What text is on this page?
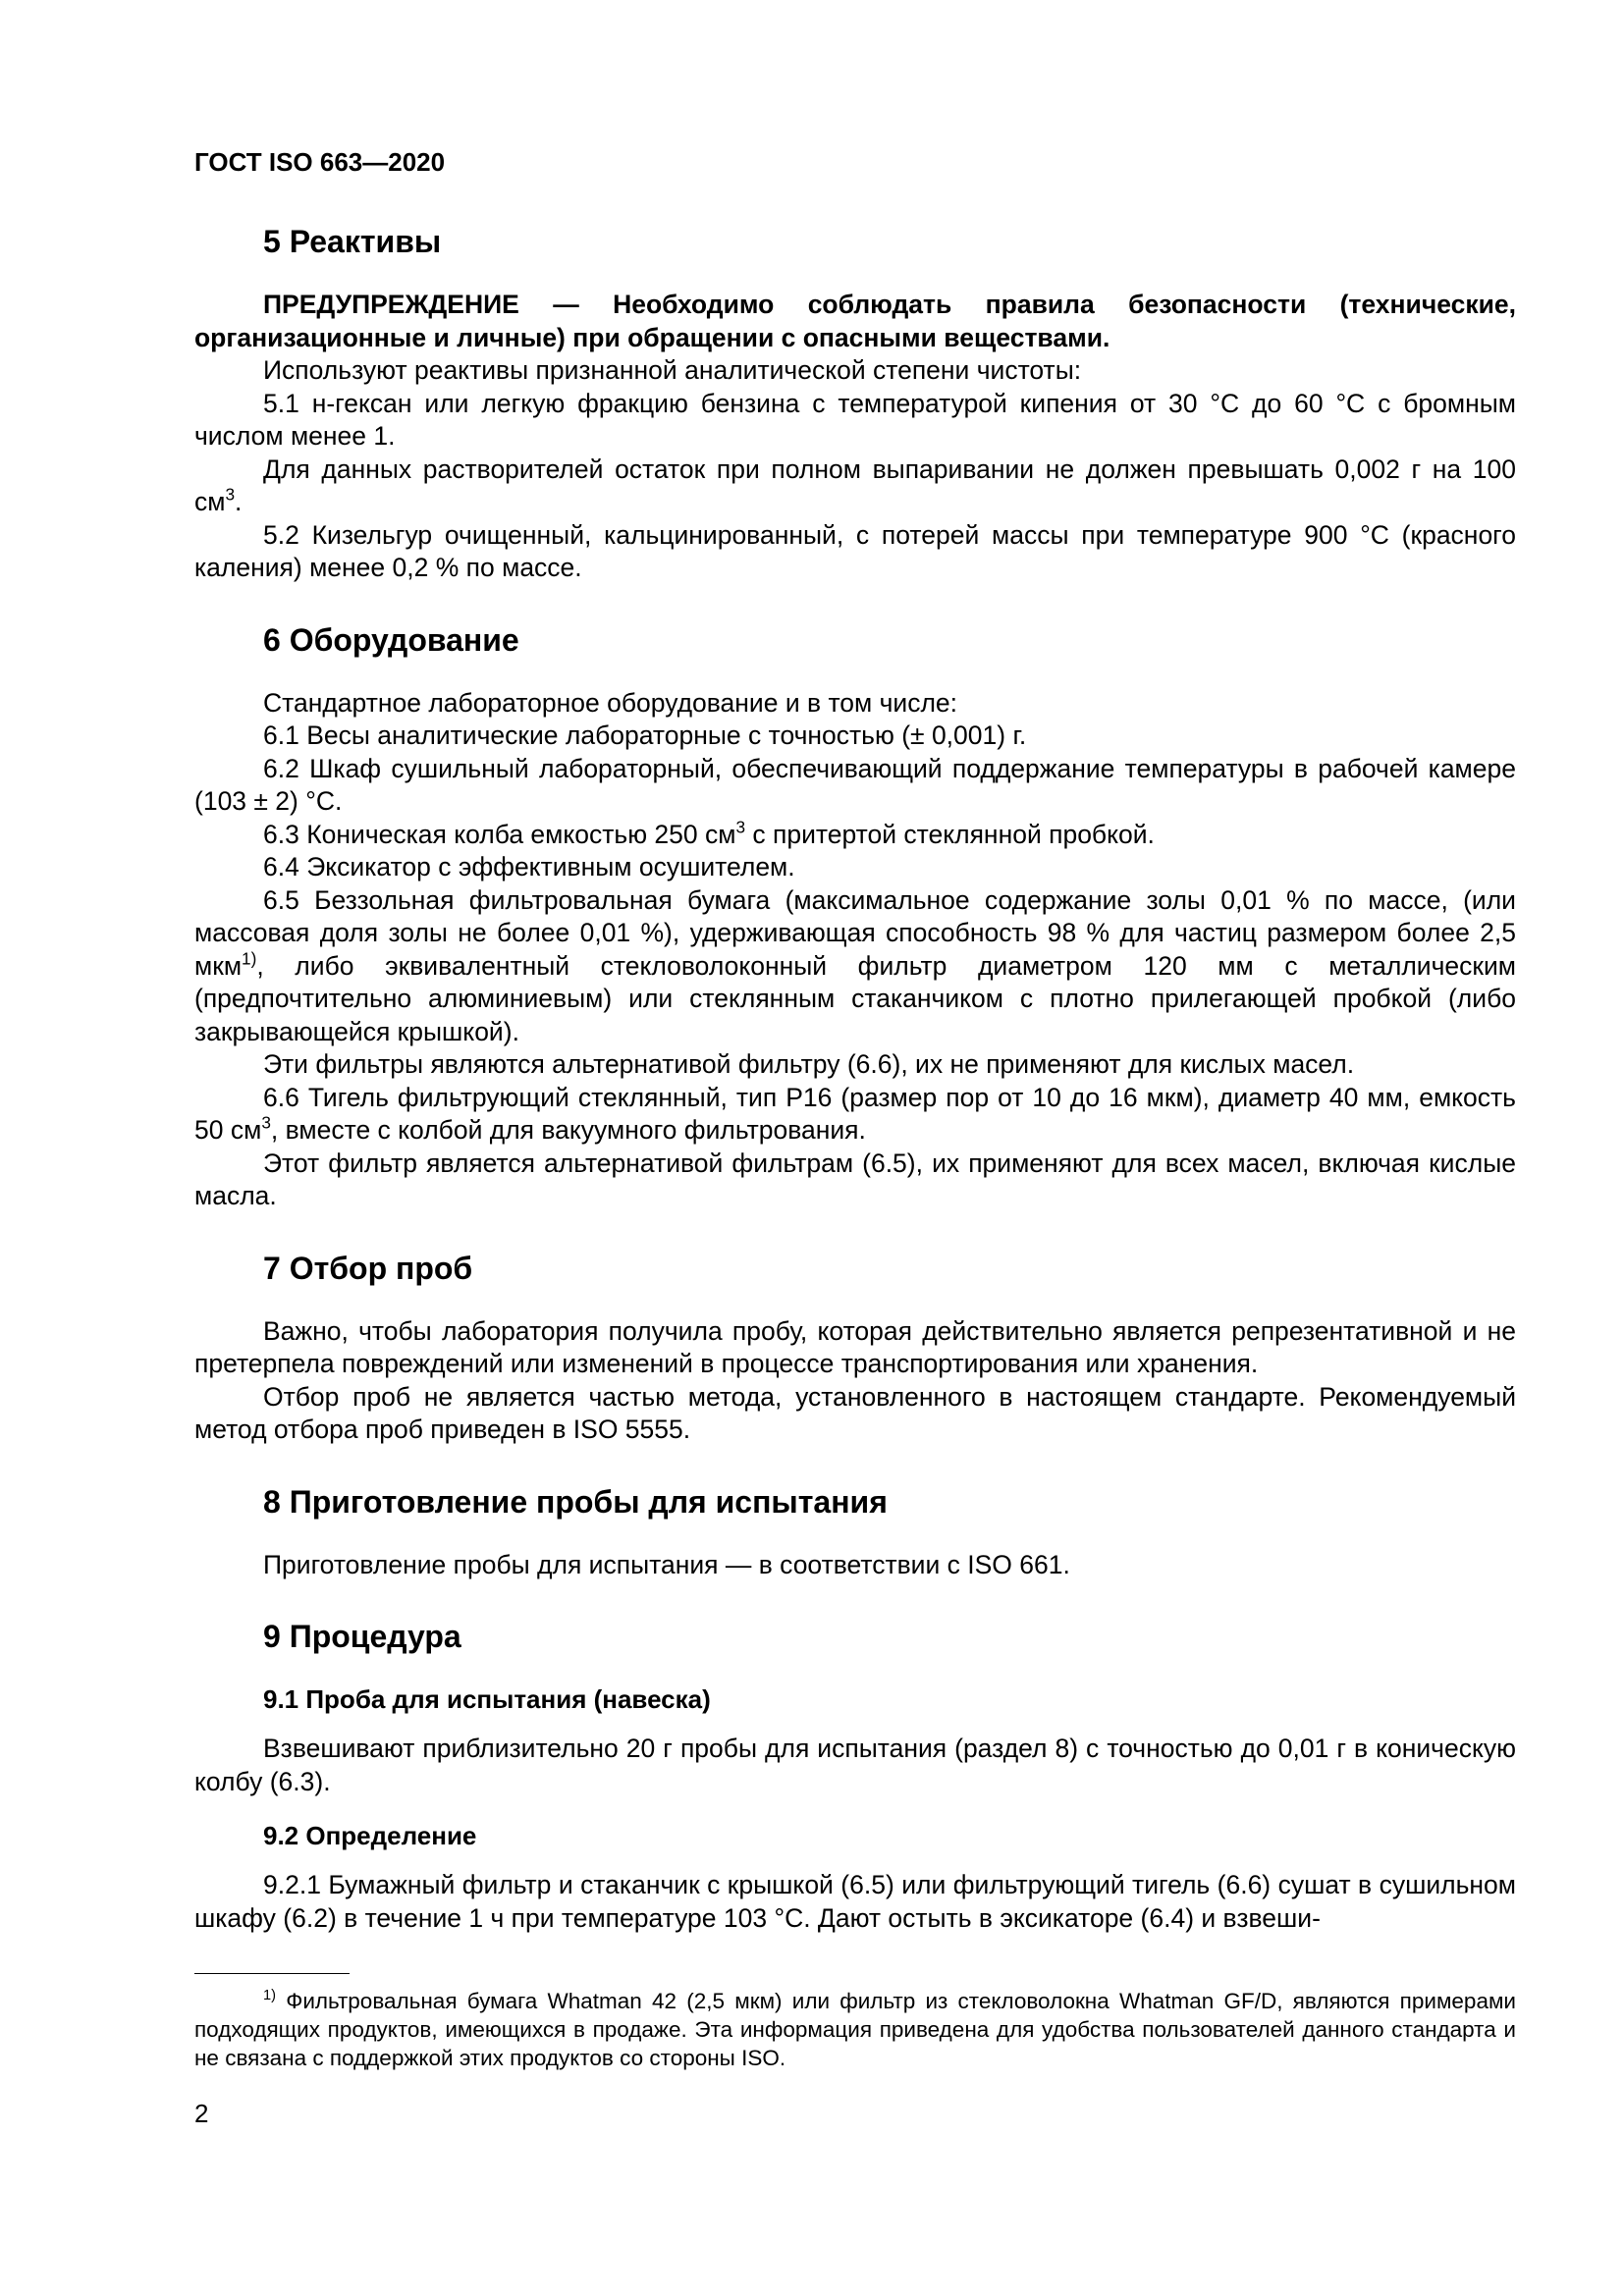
ГОСТ ISO 663—2020
5 Реактивы

ПРЕДУПРЕЖДЕНИЕ — Необходимо соблюдать правила безопасности (технические, организационные и личные) при обращении с опасными веществами.

Используют реактивы признанной аналитической степени чистоты:

5.1 н-гексан или легкую фракцию бензина с температурой кипения от 30 °С до 60 °С с бромным числом менее 1.

Для данных растворителей остаток при полном выпаривании не должен превышать 0,002 г на 100 $см^3$.

5.2 Кизельгур очищенный, кальцинированный, с потерей массы при температуре 900 °С (красного каления) менее 0,2 % по массе.

6 Оборудование

Стандартное лабораторное оборудование и в том числе:

6.1 Весы аналитические лабораторные с точностью (± 0,001) г.

6.2 Шкаф сушильный лабораторный, обеспечивающий поддержание температуры в рабочей камере (103 ± 2) °С.

6.3 Коническая колба емкостью 250 $см^3$ с притертой стеклянной пробкой.

6.4 Эксикатор с эффективным осушителем.

6.5 Беззольная фильтровальная бумага (максимальное содержание золы 0,01 % по массе, (или массовая доля золы не более 0,01 %), удерживающая способность 98 % для частиц размером более 2,5 мкм$^{1)}$, либо эквивалентный стекловолоконный фильтр диаметром 120 мм с металлическим (предпочтительно алюминиевым) или стеклянным стаканчиком с плотно прилегающей пробкой (либо закрывающейся крышкой).

Эти фильтры являются альтернативой фильтру (6.6), их не применяют для кислых масел.

6.6 Тигель фильтрующий стеклянный, тип Р16 (размер пор от 10 до 16 мкм), диаметр 40 мм, емкость 50 $см^3$, вместе с колбой для вакуумного фильтрования.

Этот фильтр является альтернативой фильтрам (6.5), их применяют для всех масел, включая кислые масла.

7 Отбор проб

Важно, чтобы лаборатория получила пробу, которая действительно является репрезентативной и не претерпела повреждений или изменений в процессе транспортирования или хранения.

Отбор проб не является частью метода, установленного в настоящем стандарте. Рекомендуемый метод отбора проб приведен в ISO 5555.

8 Приготовление пробы для испытания

Приготовление пробы для испытания — в соответствии с ISO 661.

9 Процедура
9.1 Проба для испытания (навеска)

Взвешивают приблизительно 20 г пробы для испытания (раздел 8) с точностью до 0,01 г в коническую колбу (6.3).

9.2 Определение

9.2.1 Бумажный фильтр и стаканчик с крышкой (6.5) или фильтрующий тигель (6.6) сушат в сушильном шкафу (6.2) в течение 1 ч при температуре 103 °С. Дают остыть в эксикаторе (6.4) и взвеши-

$^{1)}$ Фильтровальная бумага Whatman 42 (2,5 мкм) или фильтр из стекловолокна Whatman GF/D, являются примерами подходящих продуктов, имеющихся в продаже. Эта информация приведена для удобства пользователей данного стандарта и не связана с поддержкой этих продуктов со стороны ISO.
2
